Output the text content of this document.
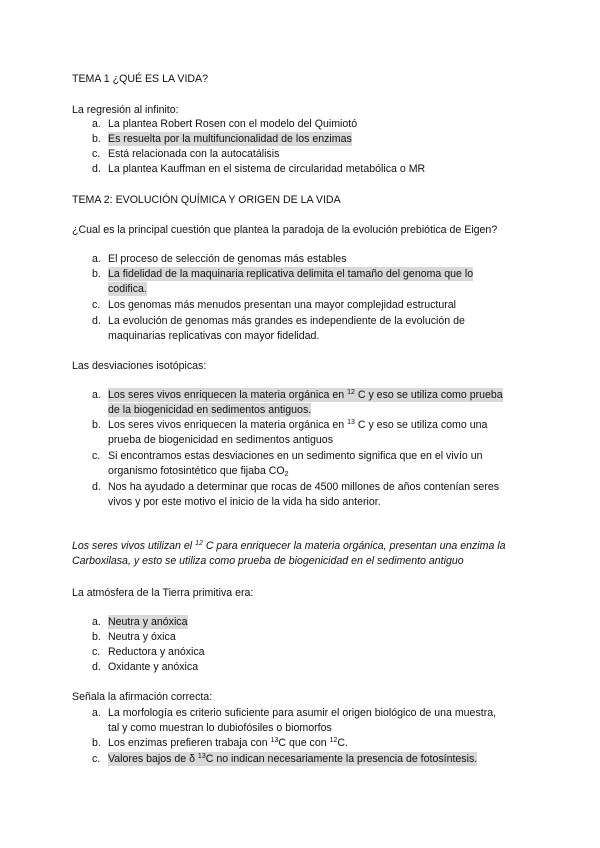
TEMA 1 ¿QUÉ ES LA VIDA?
La regresión al infinito:
a. La plantea Robert Rosen con el modelo del Quimiotó
b. Es resuelta por la multifuncionalidad de los enzimas
c. Está relacionada con la autocatálisis
d. La plantea Kauffman en el sistema de circularidad metabólica o MR
TEMA 2: EVOLUCIÓN QUÍMICA Y ORIGEN DE LA VIDA
¿Cual es la principal cuestión que plantea la paradoja de la evolución prebiótica de Eigen?
a. El proceso de selección de genomas más estables
b. La fidelidad de la maquinaria replicativa delimita el tamaño del genoma que lo
codifica.
c. Los genomas más menudos presentan una mayor complejidad estructural
d. La evolución de genomas más grandes es independiente de la evolución de
maquinarias replicativas con mayor fidelidad.
Las desviaciones isotópicas:
a. Los seres vivos enriquecen la materia orgánica en $^{12}$ C y eso se utiliza como prueba
de la biogenicidad en sedimentos antiguos.
b. Los seres vivos enriquecen la materia orgánica en $^{13}$ C y eso se utiliza como una
prueba de biogenicidad en sedimentos antiguos
c. Si encontramos estas desviaciones en un sedimento significa que en el vivío un
organismo fotosintético que fijaba $CO_2$
d. Nos ha ayudado a determinar que rocas de 4500 millones de años contenían seres
vivos y por este motivo el inicio de la vida ha sido anterior.
Los seres vivos utilizan el $^{12}$ C para enriquecer la materia orgánica, presentan una enzima la
Carboxilasa, y esto se utiliza como prueba de biogenicidad en el sedimento antiguo
La atmósfera de la Tierra primitiva era:
a. Neutra y anóxica
b. Neutra y óxica
c. Reductora y anóxica
d. Oxidante y anóxica
Señala la afirmación correcta:
a. La morfología es criterio suficiente para asumir el origen biológico de una muestra,
tal y como muestran lo dubiofósiles o biomorfos
b. Los enzimas prefieren trabaja con $^{13}$C que con $^{12}$C.
c. Valores bajos de δ $^{13}$C no indican necesariamente la presencia de fotosíntesis.
